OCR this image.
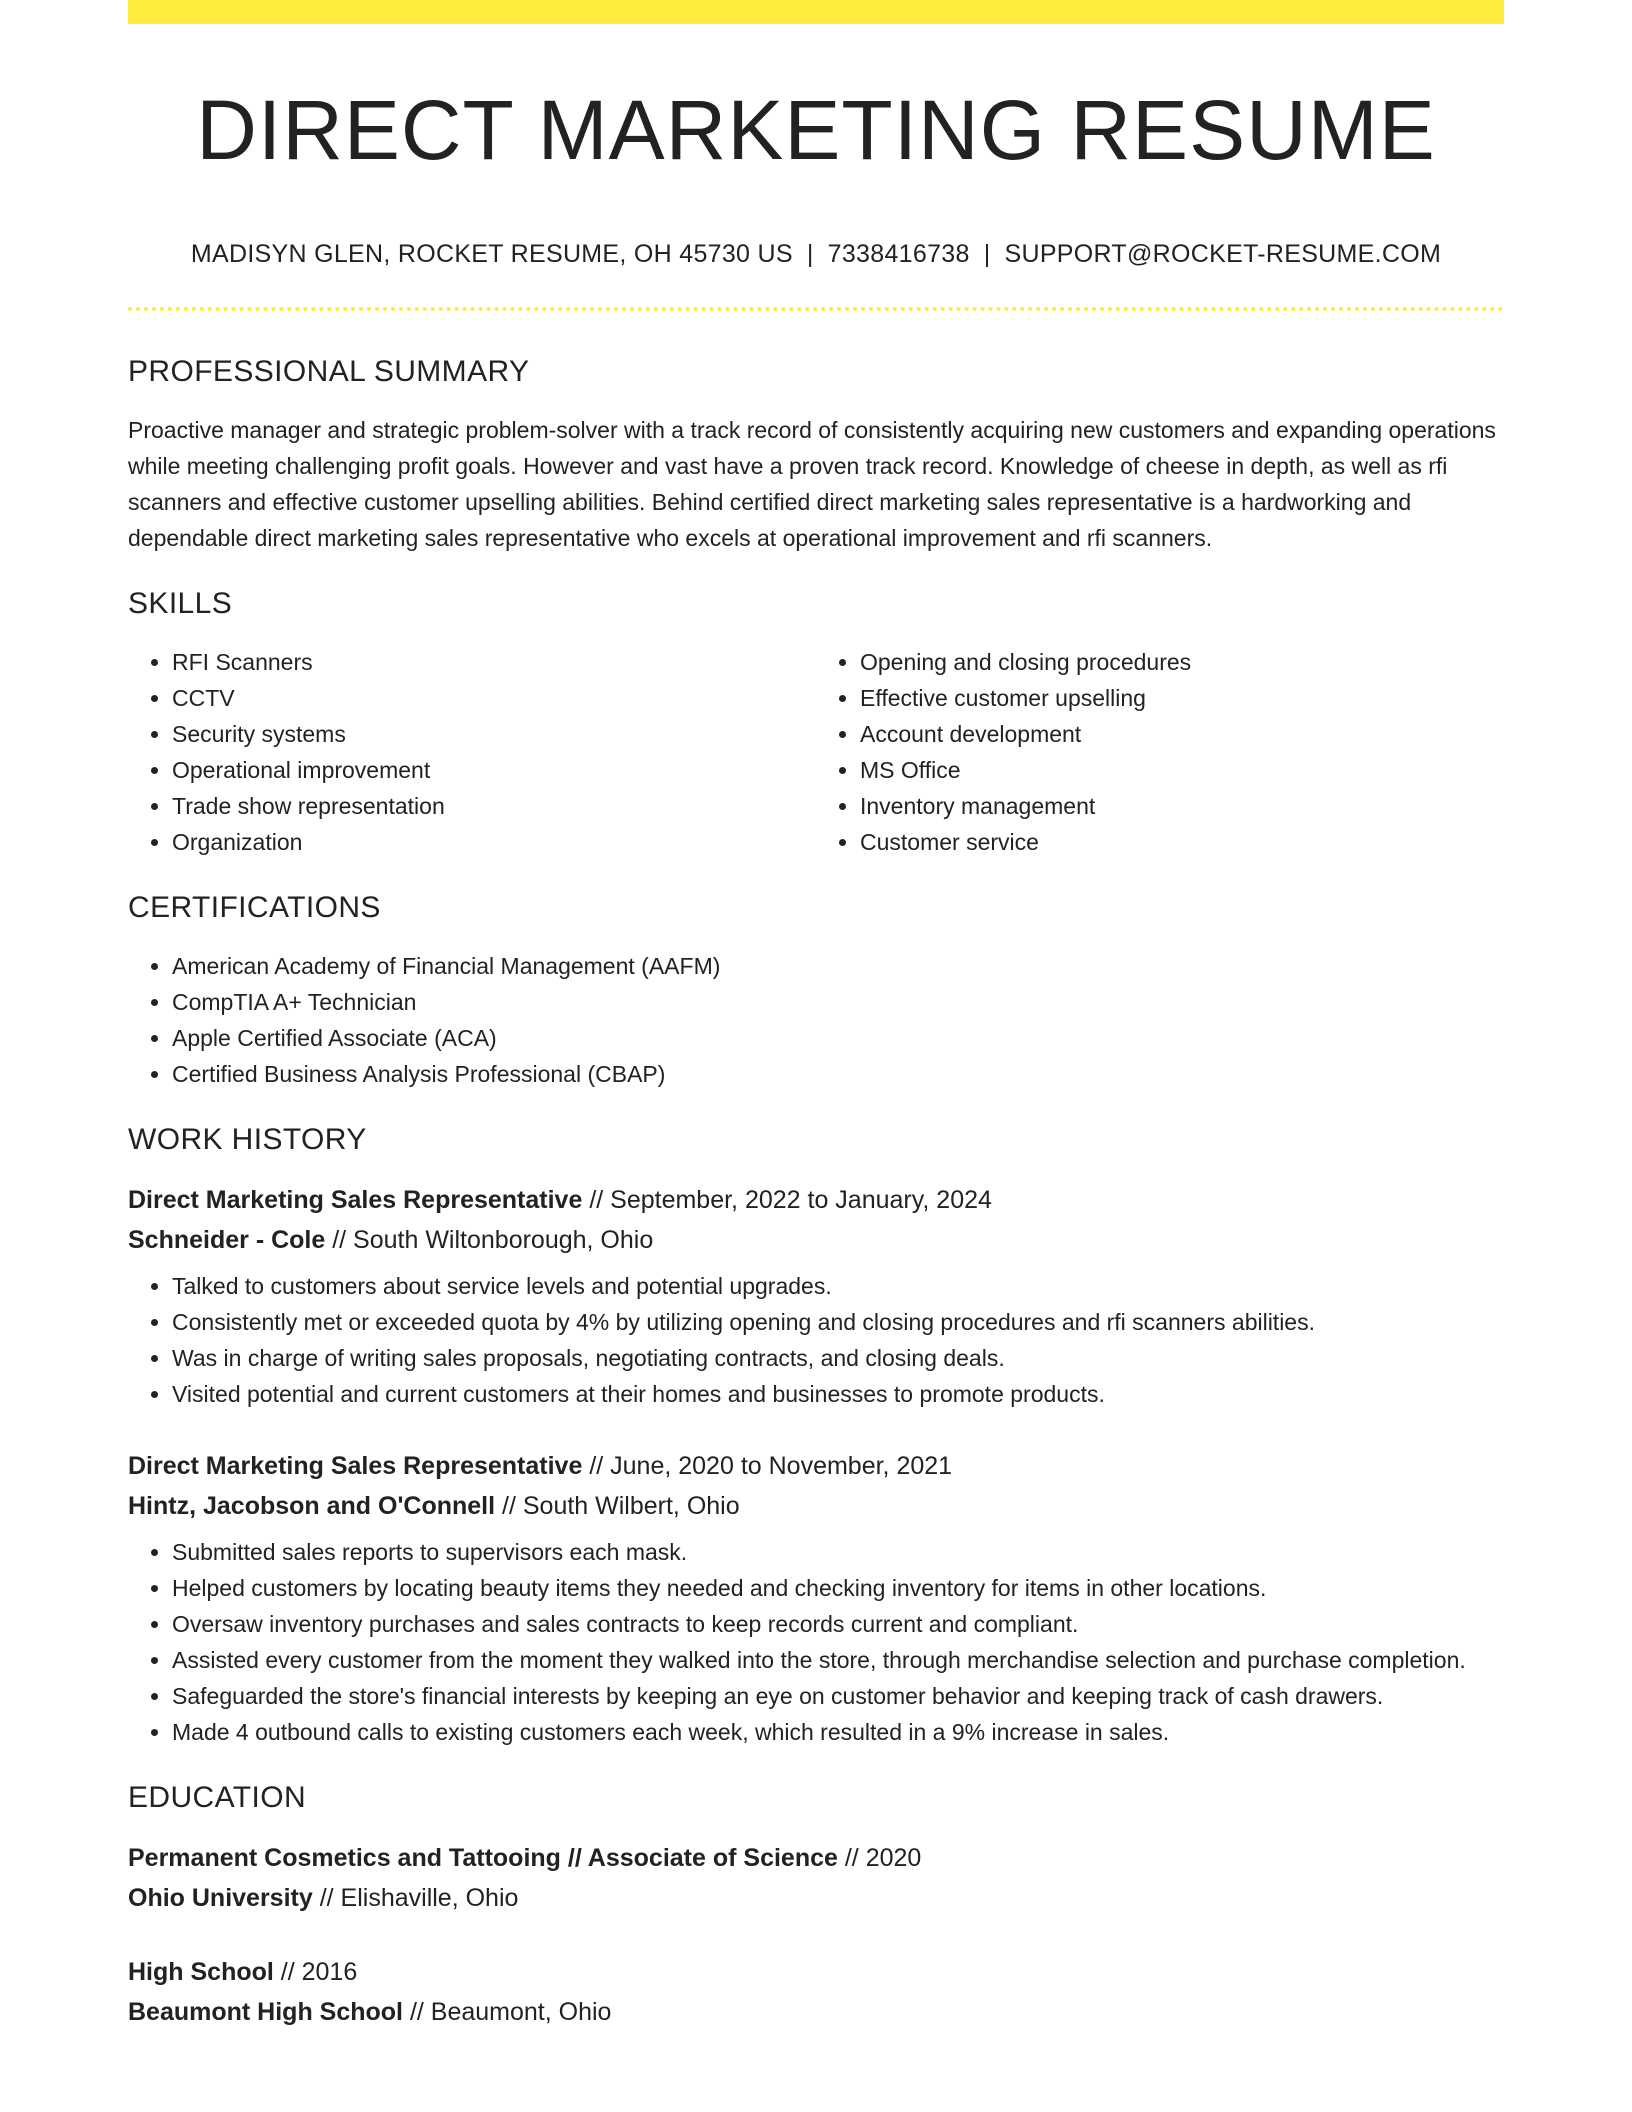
DIRECT MARKETING RESUME
MADISYN GLEN, ROCKET RESUME, OH 45730 US | 7338416738 | SUPPORT@ROCKET-RESUME.COM
PROFESSIONAL SUMMARY

Proactive manager and strategic problem-solver with a track record of consistently acquiring new customers and expanding operations while meeting challenging profit goals. However and vast have a proven track record. Knowledge of cheese in depth, as well as rfi scanners and effective customer upselling abilities. Behind certified direct marketing sales representative is a hardworking and dependable direct marketing sales representative who excels at operational improvement and rfi scanners.

SKILLS
• RFI Scanners
• CCTV
• Security systems
• Operational improvement
• Trade show representation
• Organization
• Opening and closing procedures
• Effective customer upselling
• Account development
• MS Office
• Inventory management
• Customer service
CERTIFICATIONS
• American Academy of Financial Management (AAFM)
• CompTIA A+ Technician
• Apple Certified Associate (ACA)
• Certified Business Analysis Professional (CBAP)
WORK HISTORY

Direct Marketing Sales Representative // September, 2022 to January, 2024

Schneider - Cole // South Wiltonborough, Ohio

• Talked to customers about service levels and potential upgrades.
• Consistently met or exceeded quota by 4% by utilizing opening and closing procedures and rfi scanners abilities.
• Was in charge of writing sales proposals, negotiating contracts, and closing deals.
• Visited potential and current customers at their homes and businesses to promote products.

Direct Marketing Sales Representative // June, 2020 to November, 2021

Hintz, Jacobson and O'Connell // South Wilbert, Ohio

• Submitted sales reports to supervisors each mask.
• Helped customers by locating beauty items they needed and checking inventory for items in other locations.
• Oversaw inventory purchases and sales contracts to keep records current and compliant.
• Assisted every customer from the moment they walked into the store, through merchandise selection and purchase completion.
• Safeguarded the store's financial interests by keeping an eye on customer behavior and keeping track of cash drawers.
• Made 4 outbound calls to existing customers each week, which resulted in a 9% increase in sales.
EDUCATION

Permanent Cosmetics and Tattooing // Associate of Science // 2020

Ohio University // Elishaville, Ohio

High School // 2016

Beaumont High School // Beaumont, Ohio
